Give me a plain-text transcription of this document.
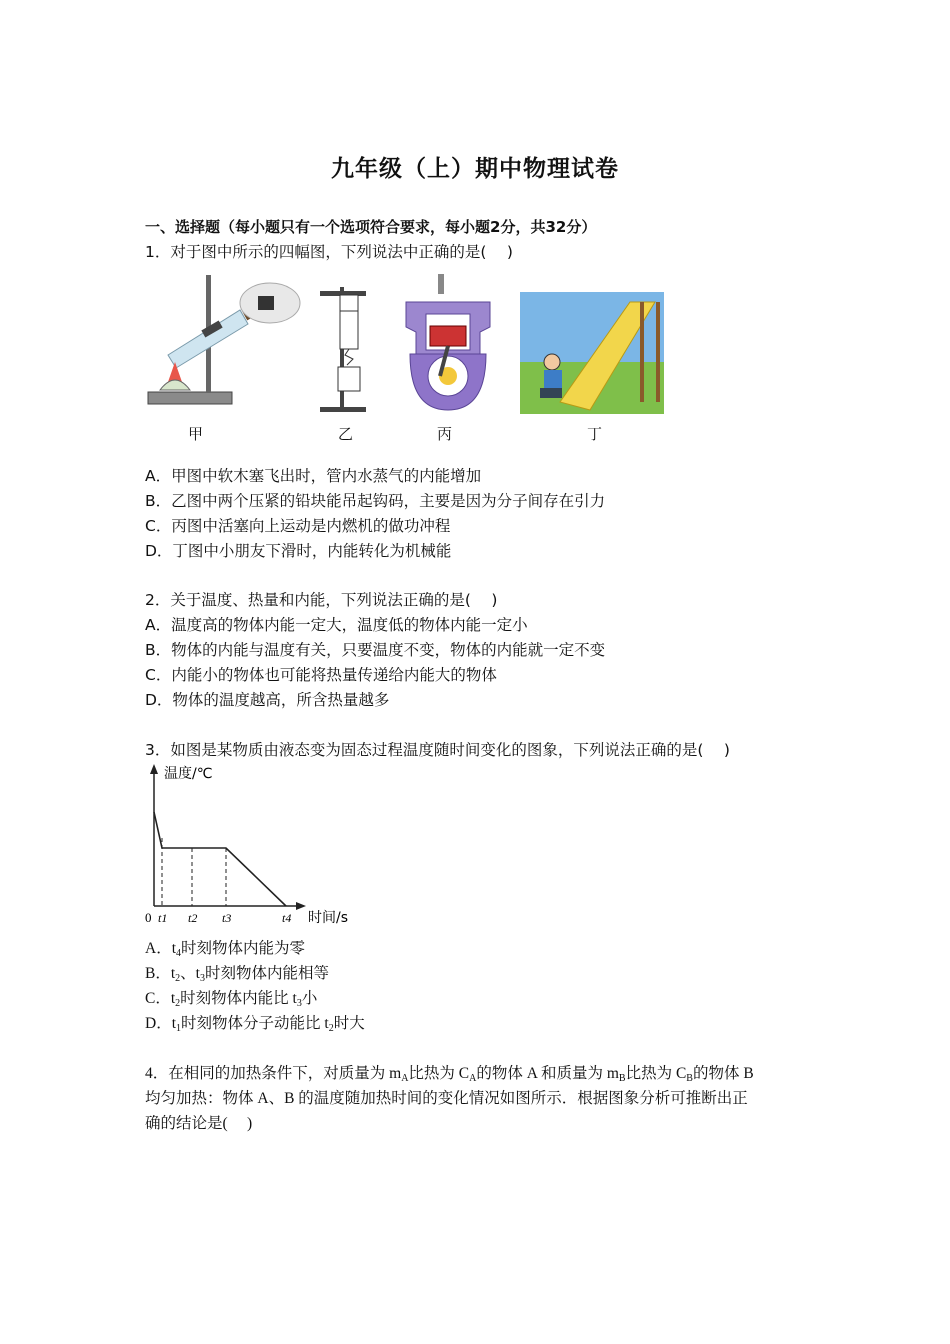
九年级（上）期中物理试卷
一、选择题（每小题只有一个选项符合要求，每小题2分，共32分）
1．对于图中所示的四幅图，下列说法中正确的是(　 )
甲	乙	丙	丁
A．甲图中软木塞飞出时，管内水蒸气的内能增加
B．乙图中两个压紧的铅块能吊起钩码，主要是因为分子间存在引力
C．丙图中活塞向上运动是内燃机的做功冲程
D．丁图中小朋友下滑时，内能转化为机械能
2．关于温度、热量和内能，下列说法正确的是(　 )
A．温度高的物体内能一定大，温度低的物体内能一定小
B．物体的内能与温度有关，只要温度不变，物体的内能就一定不变
C．内能小的物体也可能将热量传递给内能大的物体
D．物体的温度越高，所含热量越多
3．如图是某物质由液态变为固态过程温度随时间变化的图象，下列说法正确的是(　 )
温度/℃
时间/s
0 t1 t2 t3	t4
A．$t_4$时刻物体内能为零
B．$t_2$、$t_3$时刻物体内能相等
C．$t_2$时刻物体内能比 $t_3$小
D．$t_1$时刻物体分子动能比 $t_2$时大
4．在相同的加热条件下，对质量为 $m_A$比热为 $C_A$的物体 A 和质量为 $m_B$比热为 $C_B$的物体 B
均匀加热：物体 A、B 的温度随加热时间的变化情况如图所示．根据图象分析可推断出正
确的结论是(　 )
